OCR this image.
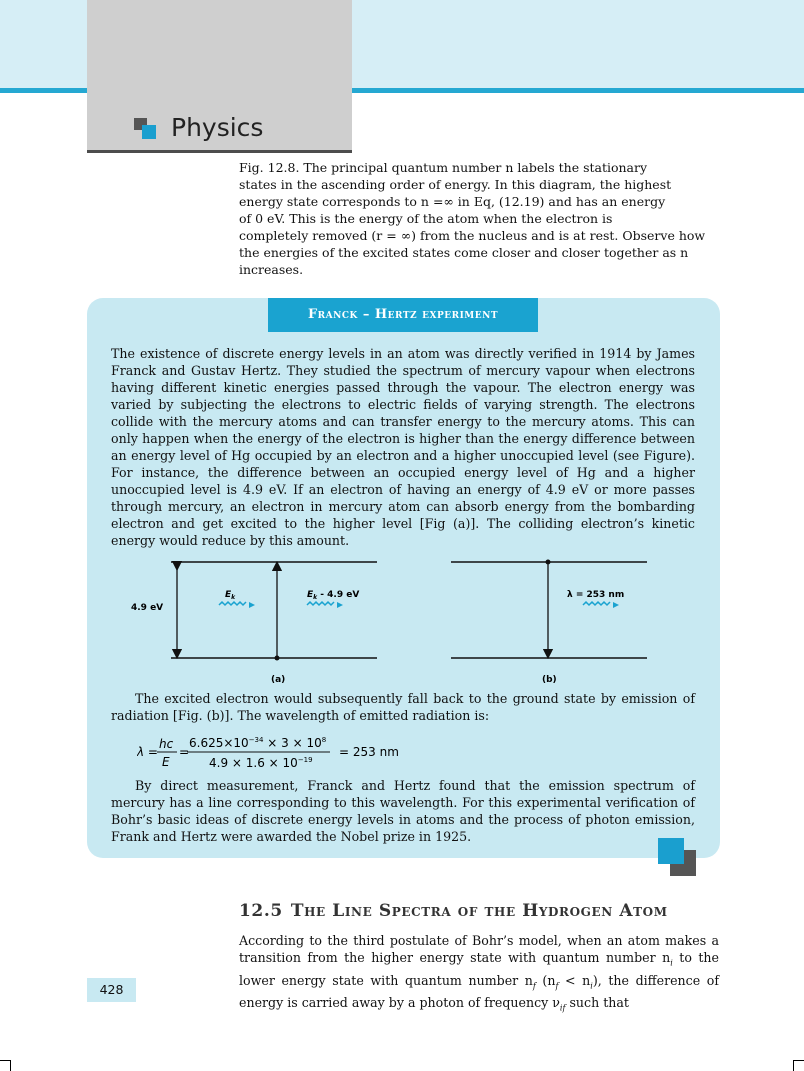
Physics
Fig. 12.8. The principal quantum number n labels the stationary
states in the ascending order of energy. In this diagram, the highest
energy state corresponds to n =∞ in Eq, (12.19) and has an energy
of 0 eV. This is the energy of the atom when the electron is
completely removed (r = ∞) from the nucleus and is at rest. Observe how
the energies of the excited states come closer and closer together as n
increases.
Franck – Hertz experiment
The existence of discrete energy levels in an atom was directly verified in 1914 by James Franck and Gustav Hertz. They studied the spectrum of mercury vapour when electrons having different kinetic energies passed through the vapour. The electron energy was varied by subjecting the electrons to electric fields of varying strength. The electrons collide with the mercury atoms and can transfer energy to the mercury atoms. This can only happen when the energy of the electron is higher than the energy difference between an energy level of Hg occupied by an electron and a higher unoccupied level (see Figure). For instance, the difference between an occupied energy level of Hg and a higher unoccupied level is 4.9 eV. If an electron of having an energy of 4.9 eV or more passes through mercury, an electron in mercury atom can absorb energy from the bombarding electron and get excited to the higher level [Fig (a)]. The colliding electron’s kinetic energy would reduce by this amount.
4.9 eV
$E_k$	$E_k - 4.9$ eV
(a)
λ = 253 nm
(b)
The excited electron would subsequently fall back to the ground state by emission of radiation [Fig. (b)]. The wavelength of emitted radiation is:
λ =
hc
E
=
$6.625\times 10^{-34} \times 3 \times 10^8$
$4.9 \times 1.6 \times 10^{-19}$
= 253 nm
By direct measurement, Franck and Hertz found that the emission spectrum of mercury has a line corresponding to this wavelength. For this experimental verification of Bohr’s basic ideas of discrete energy levels in atoms and the process of photon emission, Frank and Hertz were awarded the Nobel prize in 1925.
12.5 The Line Spectra of the Hydrogen Atom
According to the third postulate of Bohr’s model, when an atom makes a transition from the higher energy state with quantum number $n_i$ to the lower energy state with quantum number $n_f$ $(n_f < n_i)$, the difference of energy is carried away by a photon of frequency $\nu_{if}$ such that
428
